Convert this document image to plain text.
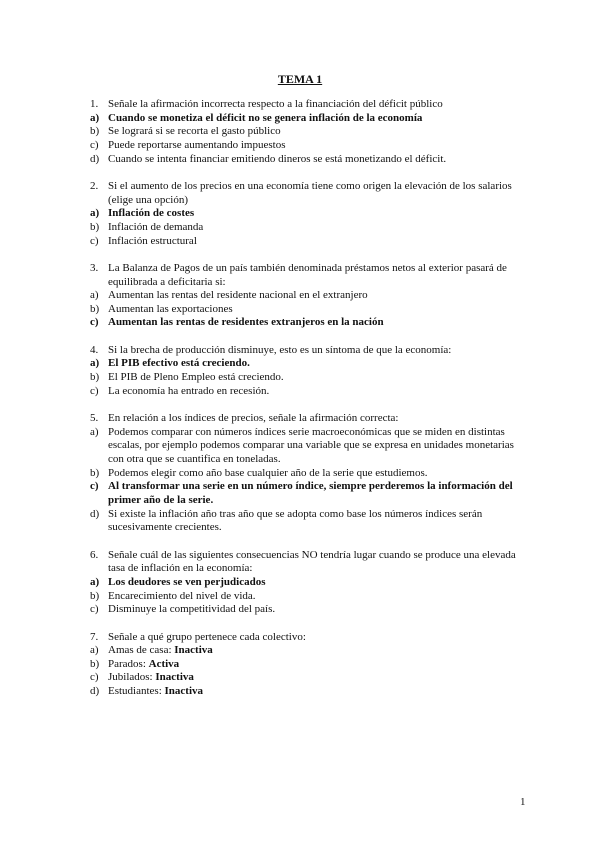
TEMA 1
1. Señale la afirmación incorrecta respecto a la financiación del déficit público
a) Cuando se monetiza el déficit no se genera inflación de la economía
b) Se logrará si se recorta el gasto público
c) Puede reportarse aumentando impuestos
d) Cuando se intenta financiar emitiendo dineros se está monetizando el déficit.
2. Si el aumento de los precios en una economía tiene como origen la elevación de los salarios (elige una opción)
a) Inflación de costes
b) Inflación de demanda
c) Inflación estructural
3. La Balanza de Pagos de un país también denominada préstamos netos al exterior pasará de equilibrada a deficitaria si:
a) Aumentan las rentas del residente nacional en el extranjero
b) Aumentan las exportaciones
c) Aumentan las rentas de residentes extranjeros en la nación
4. Si la brecha de producción disminuye, esto es un síntoma de que la economía:
a) El PIB efectivo está creciendo.
b) El PIB de Pleno Empleo está creciendo.
c) La economía ha entrado en recesión.
5. En relación a los índices de precios, señale la afirmación correcta:
a) Podemos comparar con números índices serie macroeconómicas que se miden en distintas escalas, por ejemplo podemos comparar una variable que se expresa en unidades monetarias con otra que se cuantifica en toneladas.
b) Podemos elegir como año base cualquier año de la serie que estudiemos.
c) Al transformar una serie en un número índice, siempre perderemos la información del primer año de la serie.
d) Si existe la inflación año tras año que se adopta como base los números índices serán sucesivamente crecientes.
6. Señale cuál de las siguientes consecuencias NO tendría lugar cuando se produce una elevada tasa de inflación en la economía:
a) Los deudores se ven perjudicados
b) Encarecimiento del nivel de vida.
c) Disminuye la competitividad del país.
7. Señale a qué grupo pertenece cada colectivo:
a) Amas de casa: Inactiva
b) Parados: Activa
c) Jubilados: Inactiva
d) Estudiantes: Inactiva
1
